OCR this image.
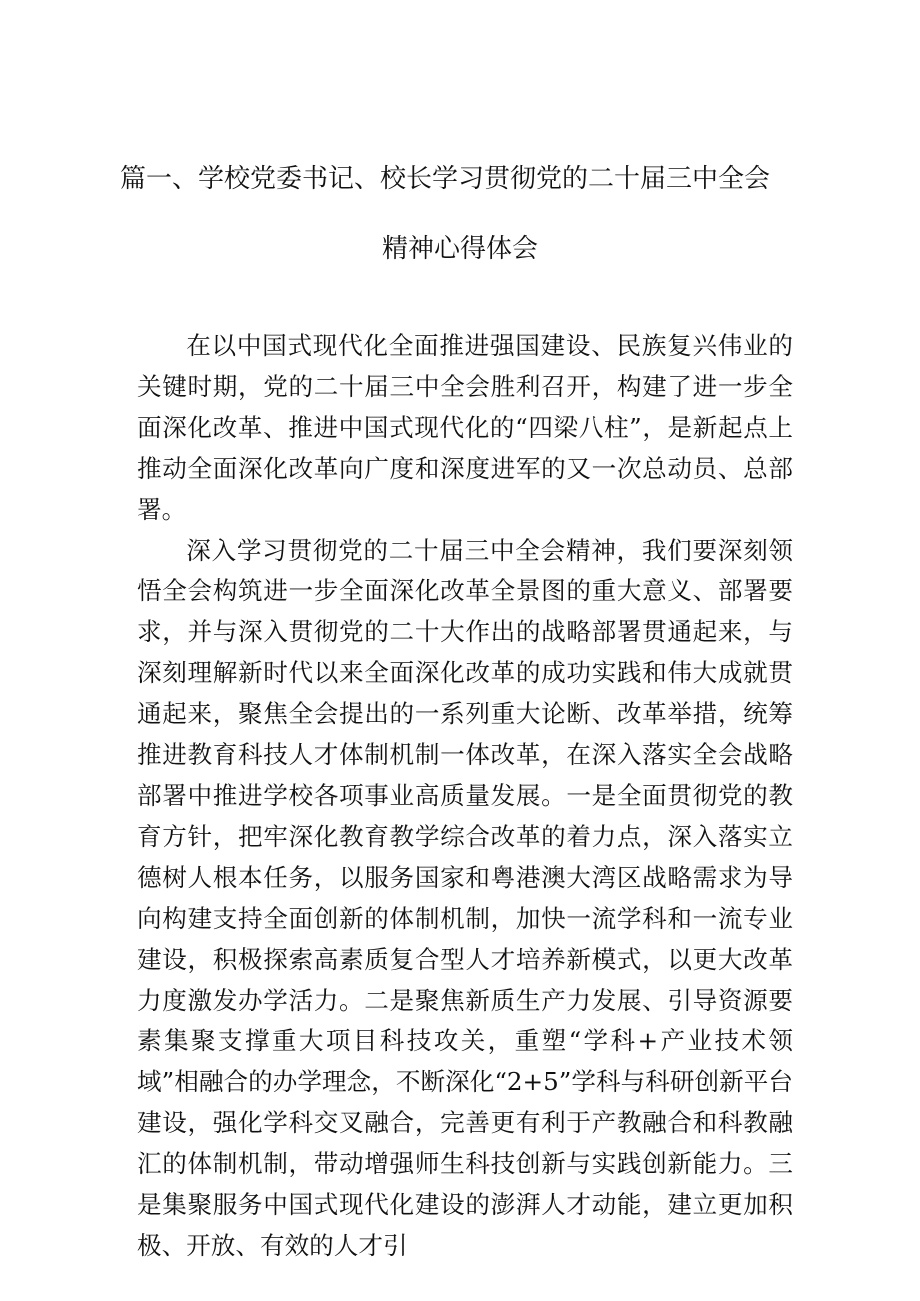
篇一、学校党委书记、校长学习贯彻党的二十届三中全会
精神心得体会

在以中国式现代化全面推进强国建设、民族复兴伟业的关键时期，党的二十届三中全会胜利召开，构建了进一步全面深化改革、推进中国式现代化的“四梁八柱”，是新起点上推动全面深化改革向广度和深度进军的又一次总动员、总部署。

深入学习贯彻党的二十届三中全会精神，我们要深刻领悟全会构筑进一步全面深化改革全景图的重大意义、部署要求，并与深入贯彻党的二十大作出的战略部署贯通起来，与深刻理解新时代以来全面深化改革的成功实践和伟大成就贯通起来，聚焦全会提出的一系列重大论断、改革举措，统筹推进教育科技人才体制机制一体改革，在深入落实全会战略部署中推进学校各项事业高质量发展。一是全面贯彻党的教育方针，把牢深化教育教学综合改革的着力点，深入落实立德树人根本任务，以服务国家和粤港澳大湾区战略需求为导向构建支持全面创新的体制机制，加快一流学科和一流专业建设，积极探索高素质复合型人才培养新模式，以更大改革力度激发办学活力。二是聚焦新质生产力发展、引导资源要素集聚支撑重大项目科技攻关，重塑“学科+产业技术领域”相融合的办学理念，不断深化“2+5”学科与科研创新平台建设，强化学科交叉融合，完善更有利于产教融合和科教融汇的体制机制，带动增强师生科技创新与实践创新能力。三是集聚服务中国式现代化建设的澎湃人才动能，建立更加积极、开放、有效的人才引
